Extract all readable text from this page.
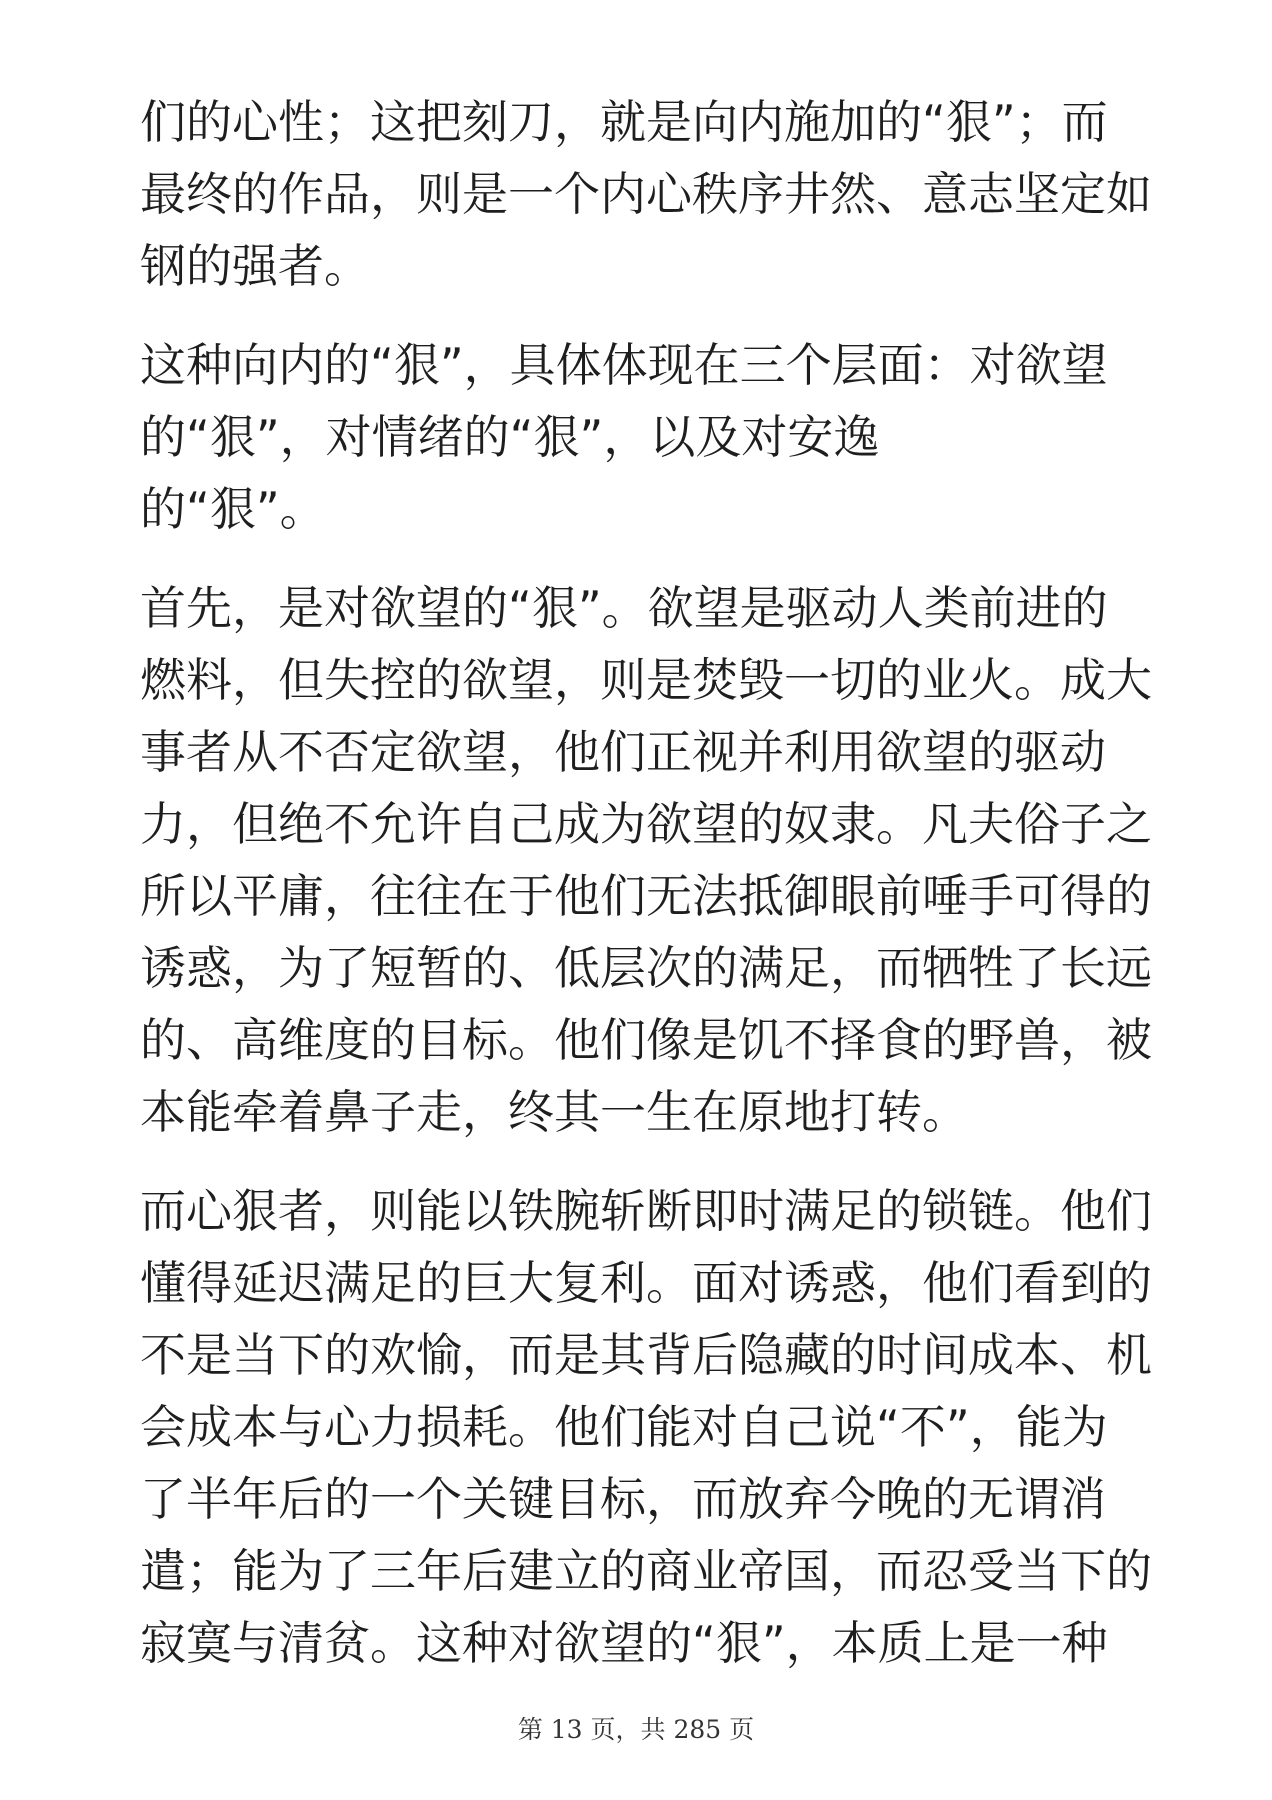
们的心性；这把刻刀，就是向内施加的“狠”；而
最终的作品，则是一个内心秩序井然、意志坚定如
钢的强者。
这种向内的“狠”，具体体现在三个层面：对欲望
的“狠”，对情绪的“狠”，以及对安逸
的“狠”。
首先，是对欲望的“狠”。欲望是驱动人类前进的
燃料，但失控的欲望，则是焚毁一切的业火。成大
事者从不否定欲望，他们正视并利用欲望的驱动
力，但绝不允许自己成为欲望的奴隶。凡夫俗子之
所以平庸，往往在于他们无法抵御眼前唾手可得的
诱惑，为了短暂的、低层次的满足，而牺牲了长远
的、高维度的目标。他们像是饥不择食的野兽，被
本能牵着鼻子走，终其一生在原地打转。
而心狠者，则能以铁腕斩断即时满足的锁链。他们
懂得延迟满足的巨大复利。面对诱惑，他们看到的
不是当下的欢愉，而是其背后隐藏的时间成本、机
会成本与心力损耗。他们能对自己说“不”，能为
了半年后的一个关键目标，而放弃今晚的无谓消
遣；能为了三年后建立的商业帝国，而忍受当下的
寂寞与清贫。这种对欲望的“狠”，本质上是一种
第 13 页，共 285 页
